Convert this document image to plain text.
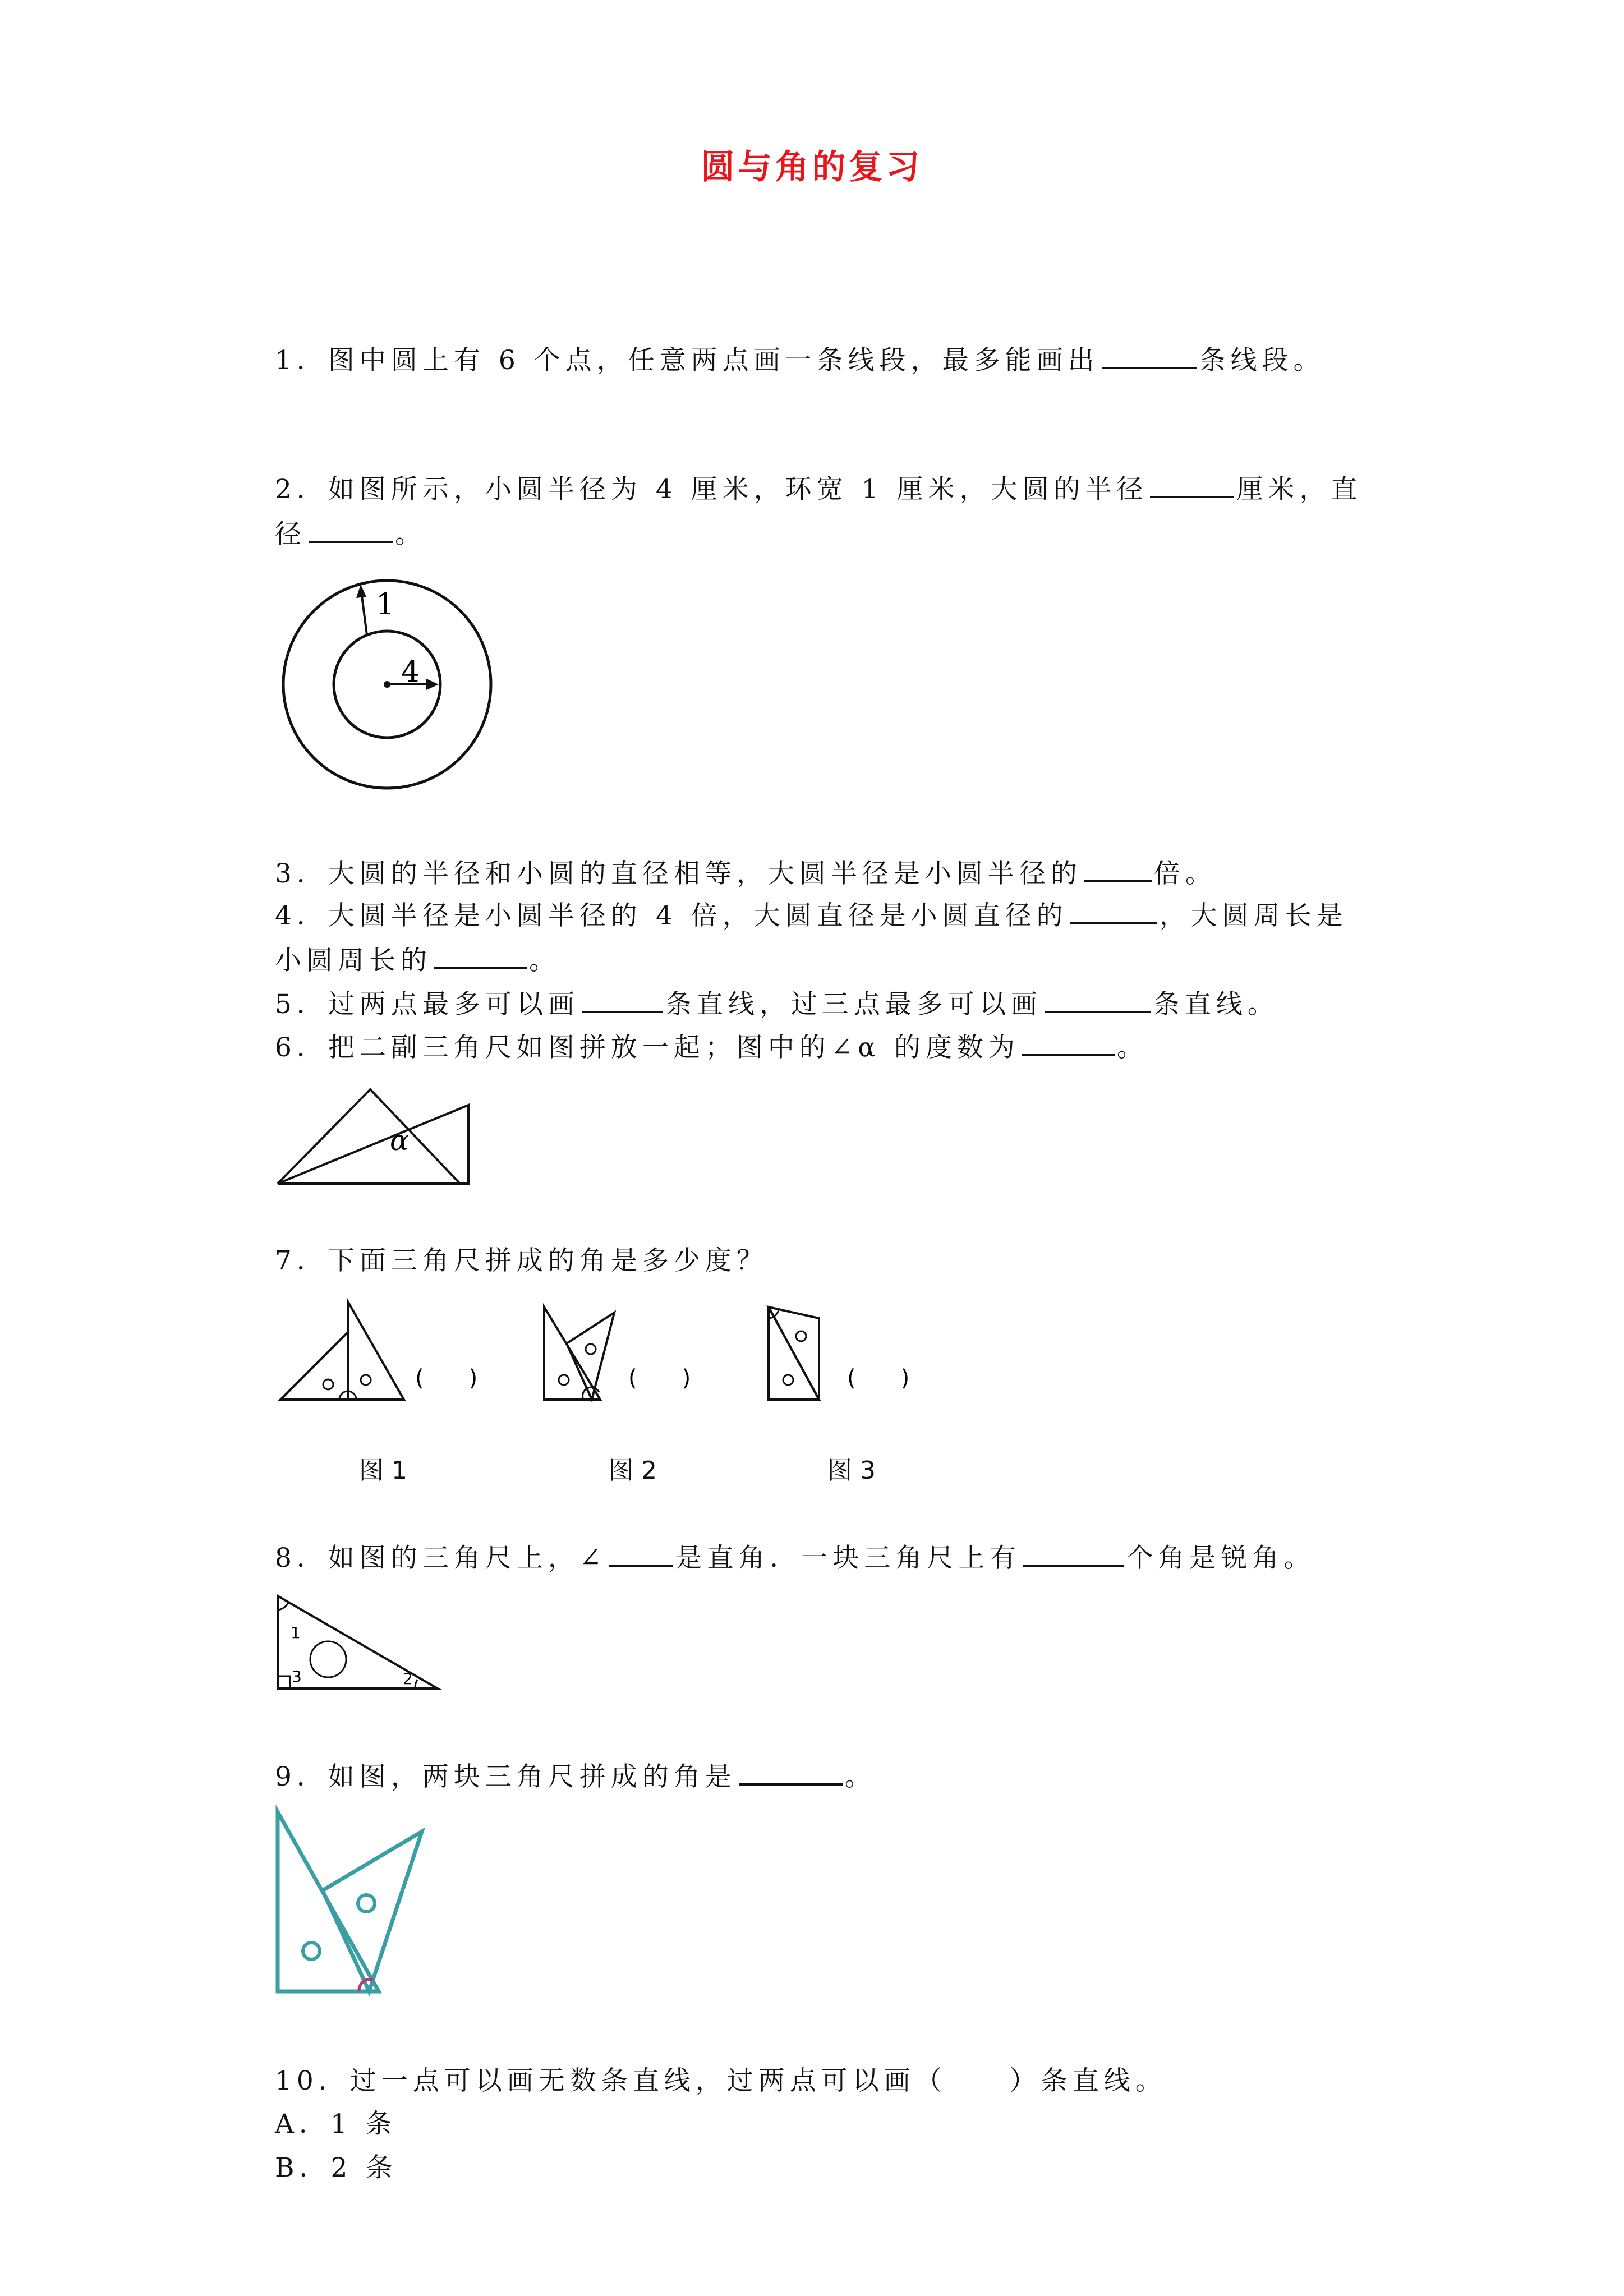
圆与角的复习
1．图中圆上有 6 个点，任意两点画一条线段，最多能画出	条线段。
2．如图所示，小圆半径为 4 厘米，环宽 1 厘米，大圆的半径	厘米，直
径	。
4
1
3．大圆的半径和小圆的直径相等，大圆半径是小圆半径的	倍。
4．大圆半径是小圆半径的 4 倍，大圆直径是小圆直径的	，大圆周长是
小圆周长的	。
5．过两点最多可以画	条直线，过三点最多可以画	条直线。
6．把二副三角尺如图拼放一起；图中的∠α 的度数为	。
α
7．下面三角尺拼成的角是多少度？
(　　)	(　　)	(　　)
图 1	图 2	图 3
8．如图的三角尺上，∠	是直角．一块三角尺上有	个角是锐角。
1
2
3
9．如图，两块三角尺拼成的角是	。
10．过一点可以画无数条直线，过两点可以画（　　）条直线。
A．1 条
B．2 条
